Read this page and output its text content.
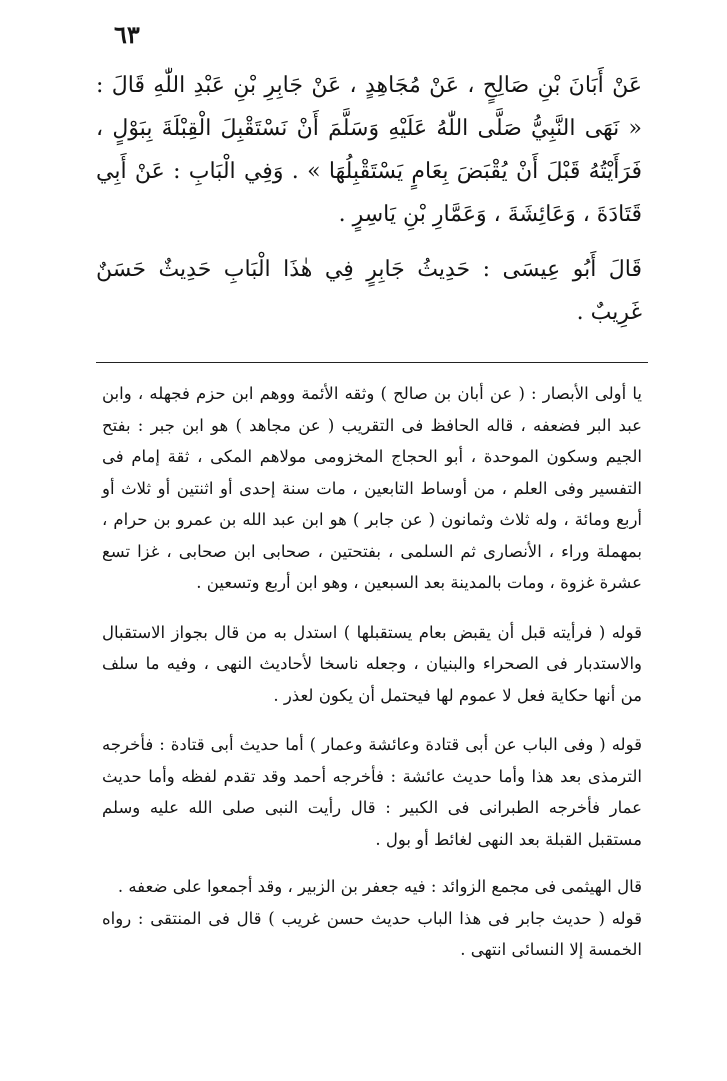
٦٣

عَنْ أَبَانَ بْنِ صَالِحٍ ، عَنْ مُجَاهِدٍ ، عَنْ جَابِرِ بْنِ عَبْدِ اللّٰهِ قَالَ : « نَهَى النَّبِيُّ صَلَّى اللّٰهُ عَلَيْهِ وَسَلَّمَ أَنْ نَسْتَقْبِلَ الْقِبْلَةَ بِبَوْلٍ ، فَرَأَيْتُهُ قَبْلَ أَنْ يُقْبَضَ بِعَامٍ يَسْتَقْبِلُهَا » . وَفِي الْبَابِ : عَنْ أَبِي قَتَادَةَ ، وَعَائِشَةَ ، وَعَمَّارِ بْنِ يَاسِرٍ .

قَالَ أَبُو عِيسَى : حَدِيثُ جَابِرٍ فِي هٰذَا الْبَابِ حَدِيثٌ حَسَنٌ غَرِيبٌ .

يا أولى الأبصار : ( عن أبان بن صالح ) وثقه الأئمة ووهم ابن حزم فجهله ، وابن عبد البر فضعفه ، قاله الحافظ فى التقريب ( عن مجاهد ) هو ابن جبر : بفتح الجيم وسكون الموحدة ، أبو الحجاج المخزومى مولاهم المكى ، ثقة إمام فى التفسير وفى العلم ، من أوساط التابعين ، مات سنة إحدى أو اثنتين أو ثلاث أو أربع ومائة ، وله ثلاث وثمانون ( عن جابر ) هو ابن عبد الله بن عمرو بن حرام ، بمهملة وراء ، الأنصارى ثم السلمى ، بفتحتين ، صحابى ابن صحابى ، غزا تسع عشرة غزوة ، ومات بالمدينة بعد السبعين ، وهو ابن أربع وتسعين .

قوله ( فرأيته قبل أن يقبض بعام يستقبلها ) استدل به من قال بجواز الاستقبال والاستدبار فى الصحراء والبنيان ، وجعله ناسخا لأحاديث النهى ، وفيه ما سلف من أنها حكاية فعل لا عموم لها فيحتمل أن يكون لعذر .

قوله ( وفى الباب عن أبى قتادة وعائشة وعمار ) أما حديث أبى قتادة : فأخرجه الترمذى بعد هذا وأما حديث عائشة : فأخرجه أحمد وقد تقدم لفظه وأما حديث عمار فأخرجه الطبرانى فى الكبير : قال رأيت النبى صلى الله عليه وسلم مستقبل القبلة بعد النهى لغائط أو بول .

قال الهيثمى فى مجمع الزوائد : فيه جعفر بن الزبير ، وقد أجمعوا على ضعفه .

قوله ( حديث جابر فى هذا الباب حديث حسن غريب ) قال فى المنتقى : رواه الخمسة إلا النسائى انتهى .
